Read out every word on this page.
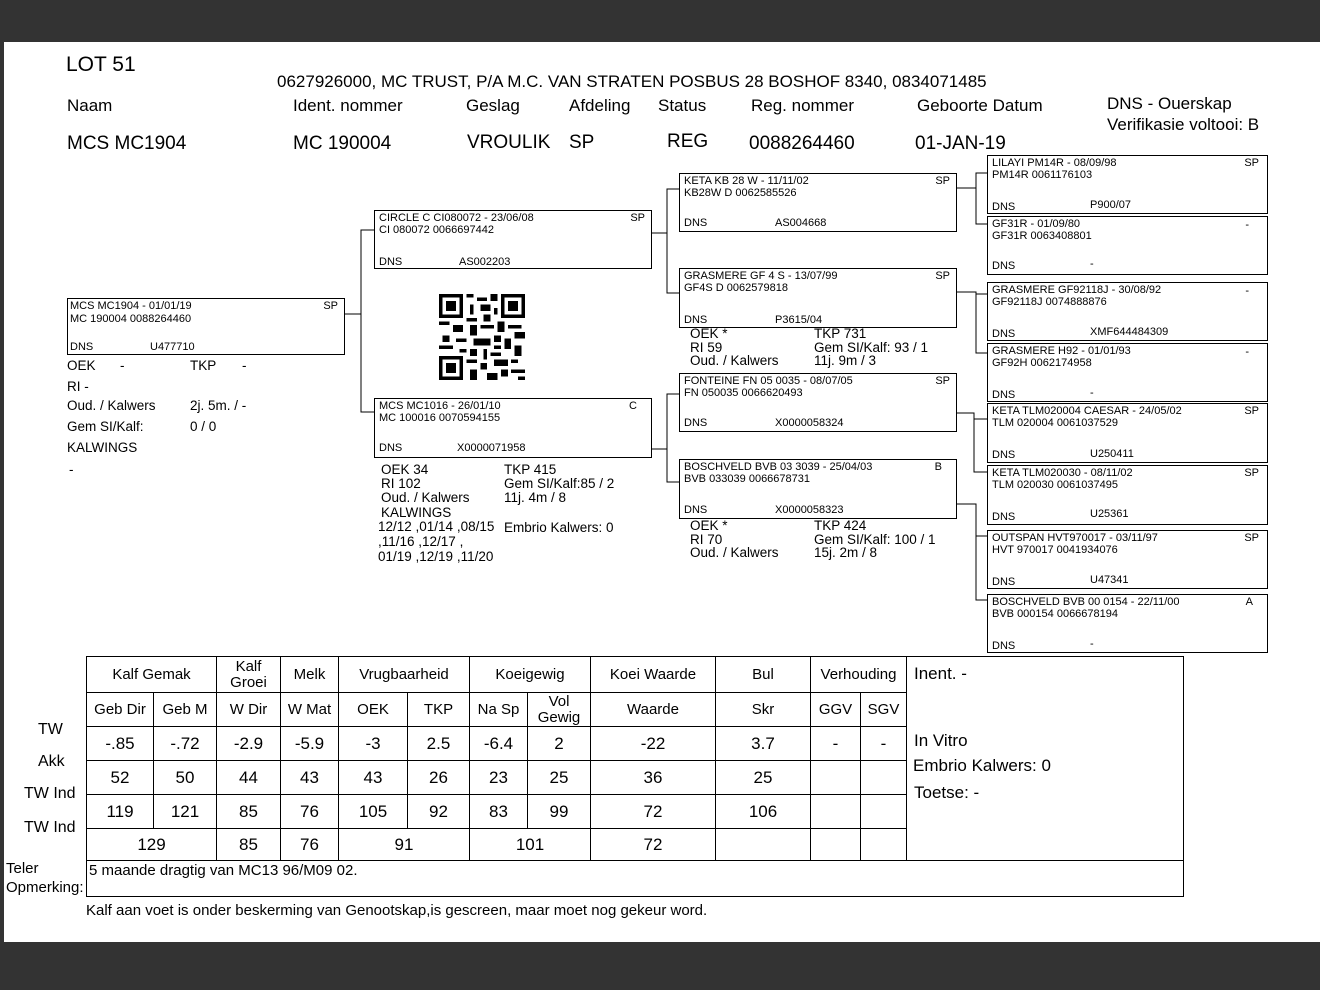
LOT 51
0627926000, MC TRUST, P/A M.C. VAN STRATEN POSBUS 28 BOSHOF 8340, 0834071485
Naam	Ident. nommer	Geslag	Afdeling Status	Reg. nommer	Geboorte Datum	DNS - Ouerskap
Verifikasie voltooi: B
MCS MC1904	MC 190004	VROULIK SP	REG 0088264460	01-JAN-19
MCS MC1904 - 01/01/19	SP
MC 190004 0088264460
DNS	U477710
OEK -	TKP -
RI -
Oud. / Kalwers	2j. 5m. / -
Gem SI/Kalf:	0 / 0
KALWINGS
-
CIRCLE C CI080072 - 23/06/08	SP
CI 080072 0066697442
DNS	AS002203
MCS MC1016 - 26/01/10	C
MC 100016 0070594155
DNS	X0000071958
OEK 34
RI 102
Oud. / Kalwers
KALWINGS
12/12 ,01/14 ,08/15
,11/16 ,12/17 ,
01/19 ,12/19 ,11/20
TKP 415
Gem SI/Kalf:85 / 2
11j. 4m / 8
Embrio Kalwers: 0
KETA KB 28 W - 11/11/02	SP
KB28W D 0062585526
DNS	AS004668
GRASMERE GF 4 S - 13/07/99	SP
GF4S D 0062579818
DNS	P3615/04
OEK *
RI 59
Oud. / Kalwers
TKP 731
Gem SI/Kalf: 93 / 1
11j. 9m / 3
FONTEINE FN 05 0035 - 08/07/05	SP
FN 050035 0066620493
DNS	X0000058324
BOSCHVELD BVB 03 3039 - 25/04/03	B
BVB 033039 0066678731
DNS	X0000058323
OEK *
RI 70
Oud. / Kalwers
TKP 424
Gem SI/Kalf: 100 / 1
15j. 2m / 8
LILAYI PM14R - 08/09/98	SP
PM14R 0061176103
DNS	P900/07
GF31R - 01/09/80	-
GF31R 0063408801
DNS	-
GRASMERE GF92118J - 30/08/92	-
GF92118J 0074888876
DNS	XMF644484309
GRASMERE H92 - 01/01/93	-
GF92H 0062174958
DNS	-
KETA TLM020004 CAESAR - 24/05/02	SP
TLM 020004 0061037529
DNS	U250411
KETA TLM020030 - 08/11/02	SP
TLM 020030 0061037495
DNS	U25361
OUTSPAN HVT970017 - 03/11/97	SP
HVT 970017 0041934076
DNS	U47341
BOSCHVELD BVB 00 0154 - 22/11/00	A
BVB 000154 0066678194
DNS	-
	Kalf Gemak		Kalf Groei	Melk	Vrugbaarheid		Koeigewig		Koei Waarde	Bul	Verhouding		Inent. -
In Vitro
Embrio Kalwers: 0
Toetse: -

Geb Dir	Geb M	W Dir	W Mat	OEK	TKP	Na Sp	Vol Gewig	Waarde	Skr	GGV	SGV	

TW	-.85	-.72	-2.9	-5.9	-3	2.5	-6.4	2	-22	3.7	-	-	

Akk	52	50	44	43	43	26	23	25	36	25			

TW Ind	119	121	85	76	105	92	83	99	72	106			

TW Ind	129		85	76	91		101		72				
	5 maande dragtig van MC13 96/M09 02.												
Teler
Opmerking:
Kalf aan voet is onder beskerming van Genootskap,is gescreen, maar moet nog gekeur word.
